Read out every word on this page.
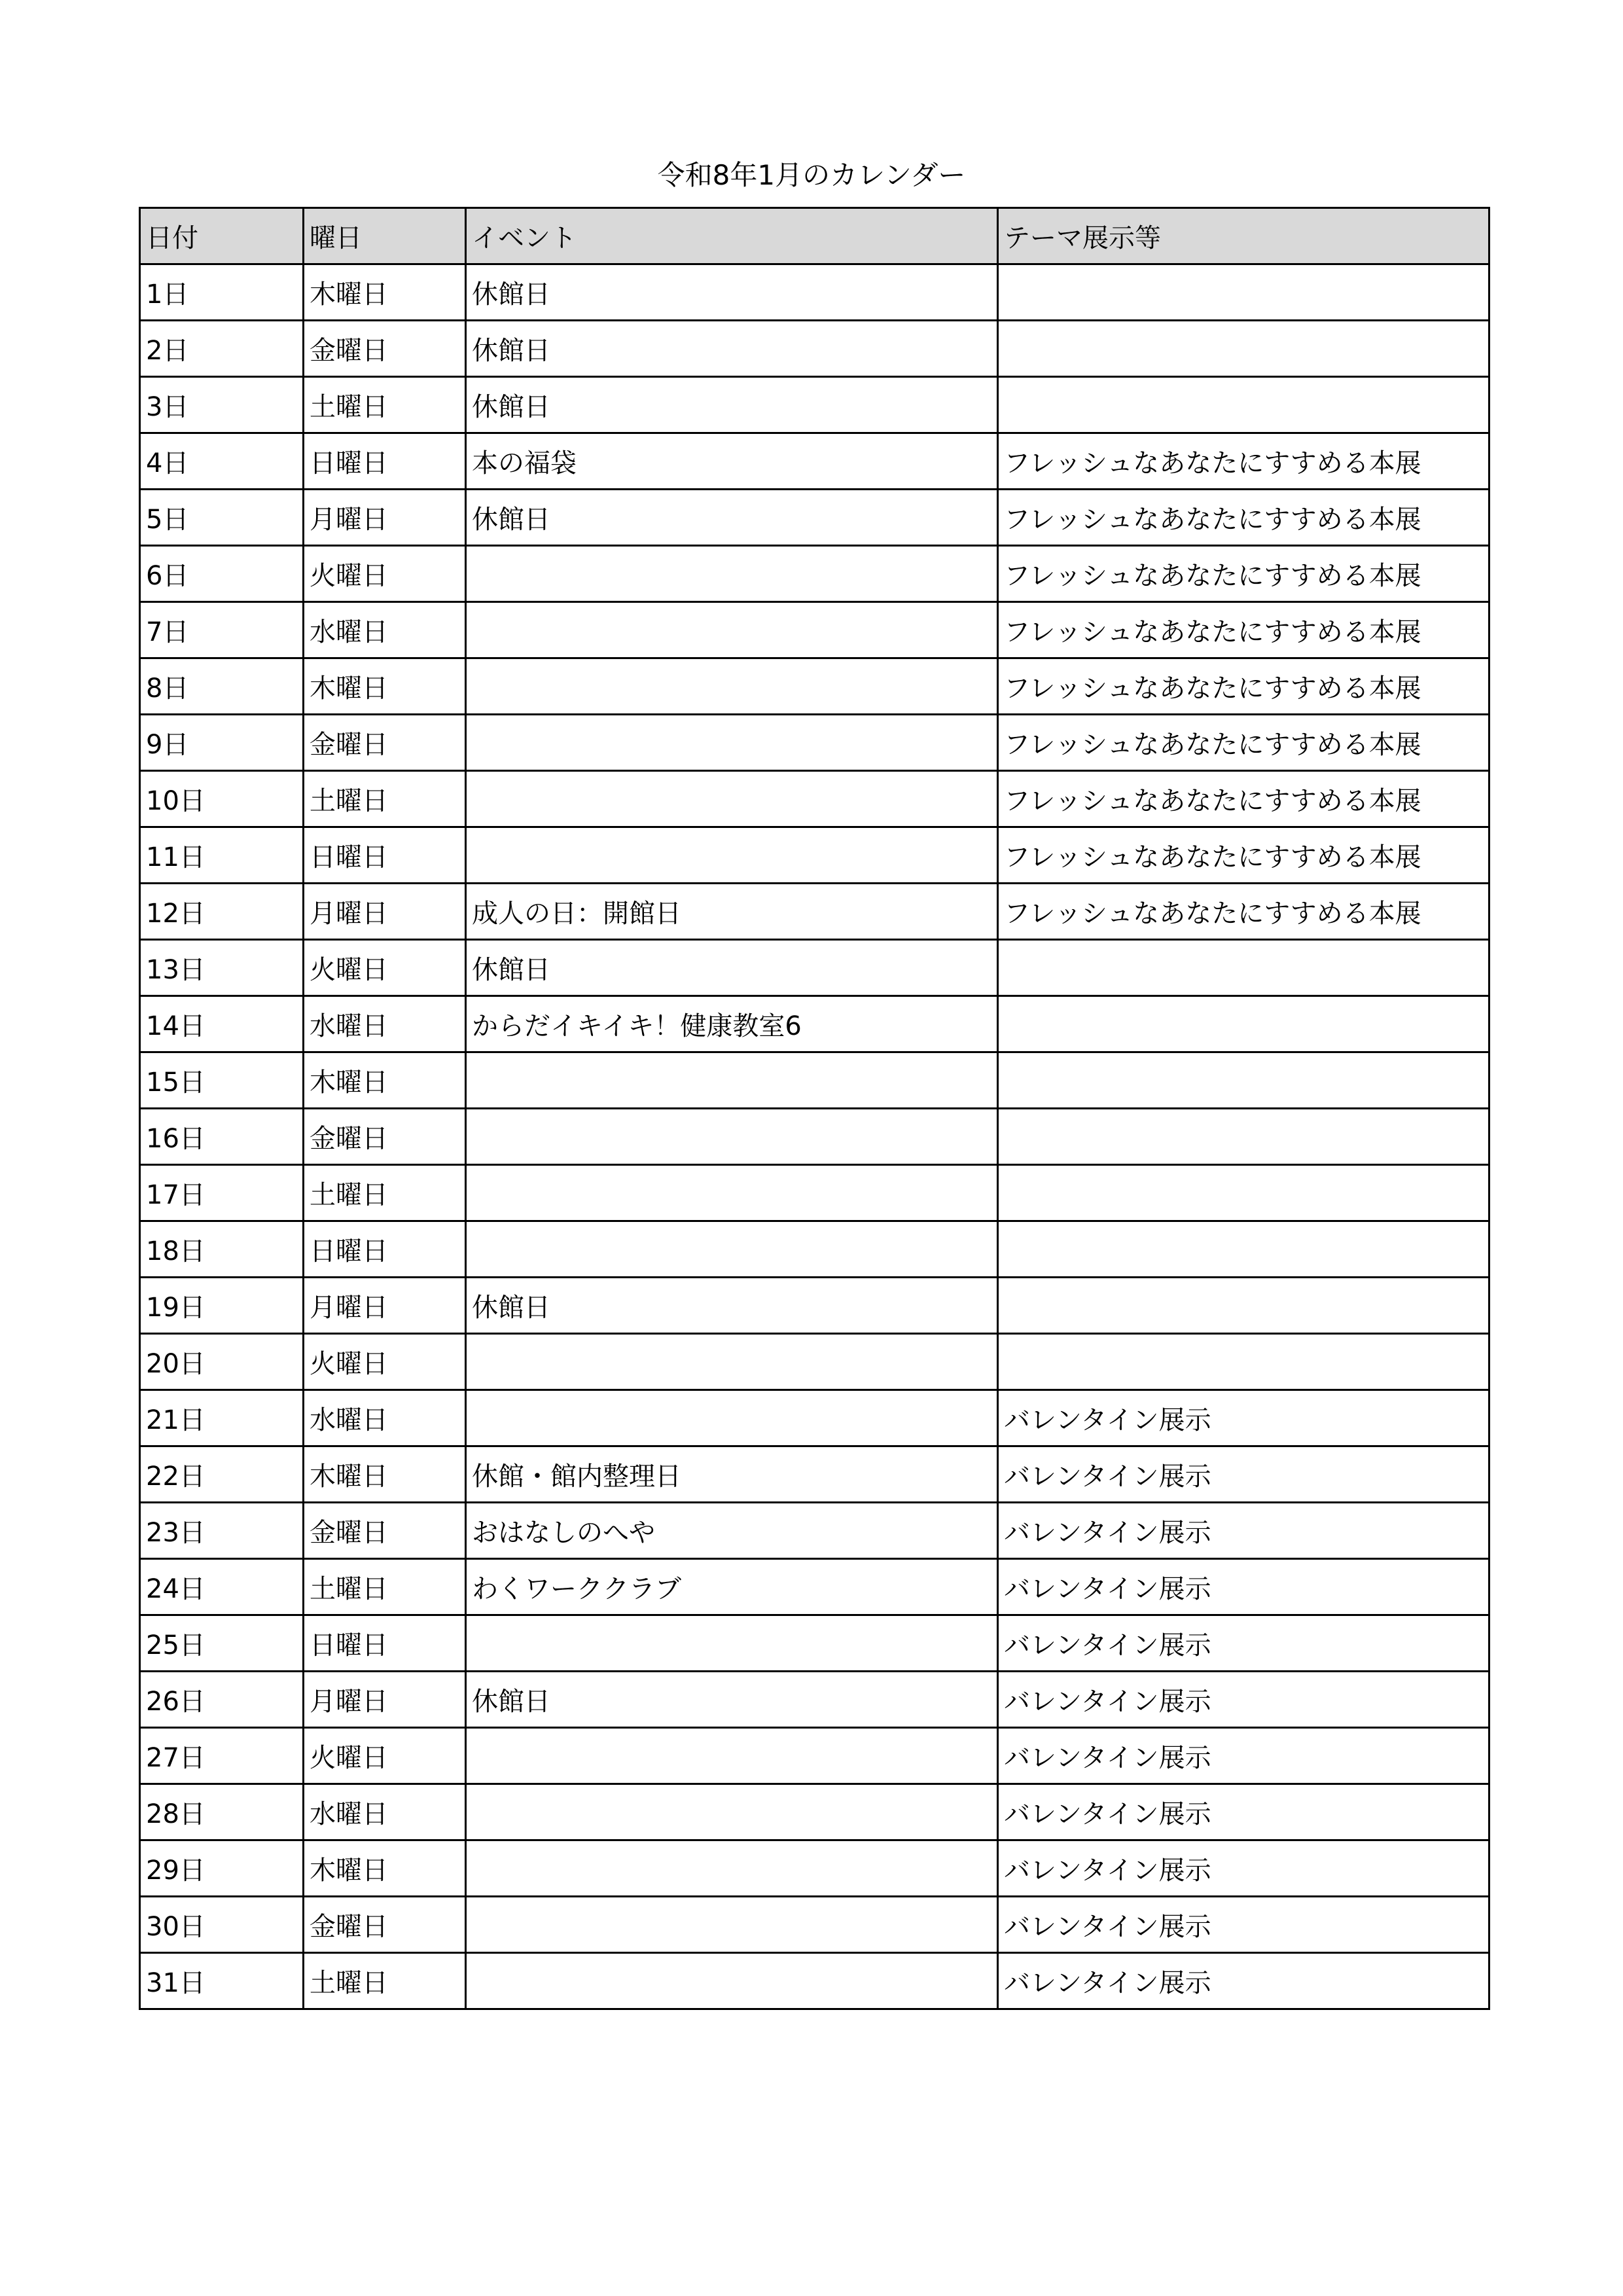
令和8年1月のカレンダー
日付	曜日	イベント	テーマ展示等
1日	木曜日	休館日	
2日	金曜日	休館日	
3日	土曜日	休館日	
4日	日曜日	本の福袋	フレッシュなあなたにすすめる本展
5日	月曜日	休館日	フレッシュなあなたにすすめる本展
6日	火曜日		フレッシュなあなたにすすめる本展
7日	水曜日		フレッシュなあなたにすすめる本展
8日	木曜日		フレッシュなあなたにすすめる本展
9日	金曜日		フレッシュなあなたにすすめる本展
10日	土曜日		フレッシュなあなたにすすめる本展
11日	日曜日		フレッシュなあなたにすすめる本展
12日	月曜日	成人の日：開館日	フレッシュなあなたにすすめる本展
13日	火曜日	休館日	
14日	水曜日	からだイキイキ！健康教室6	
15日	木曜日		
16日	金曜日		
17日	土曜日		
18日	日曜日		
19日	月曜日	休館日	
20日	火曜日		
21日	水曜日		バレンタイン展示
22日	木曜日	休館・館内整理日	バレンタイン展示
23日	金曜日	おはなしのへや	バレンタイン展示
24日	土曜日	わくワーククラブ	バレンタイン展示
25日	日曜日		バレンタイン展示
26日	月曜日	休館日	バレンタイン展示
27日	火曜日		バレンタイン展示
28日	水曜日		バレンタイン展示
29日	木曜日		バレンタイン展示
30日	金曜日		バレンタイン展示
31日	土曜日		バレンタイン展示
